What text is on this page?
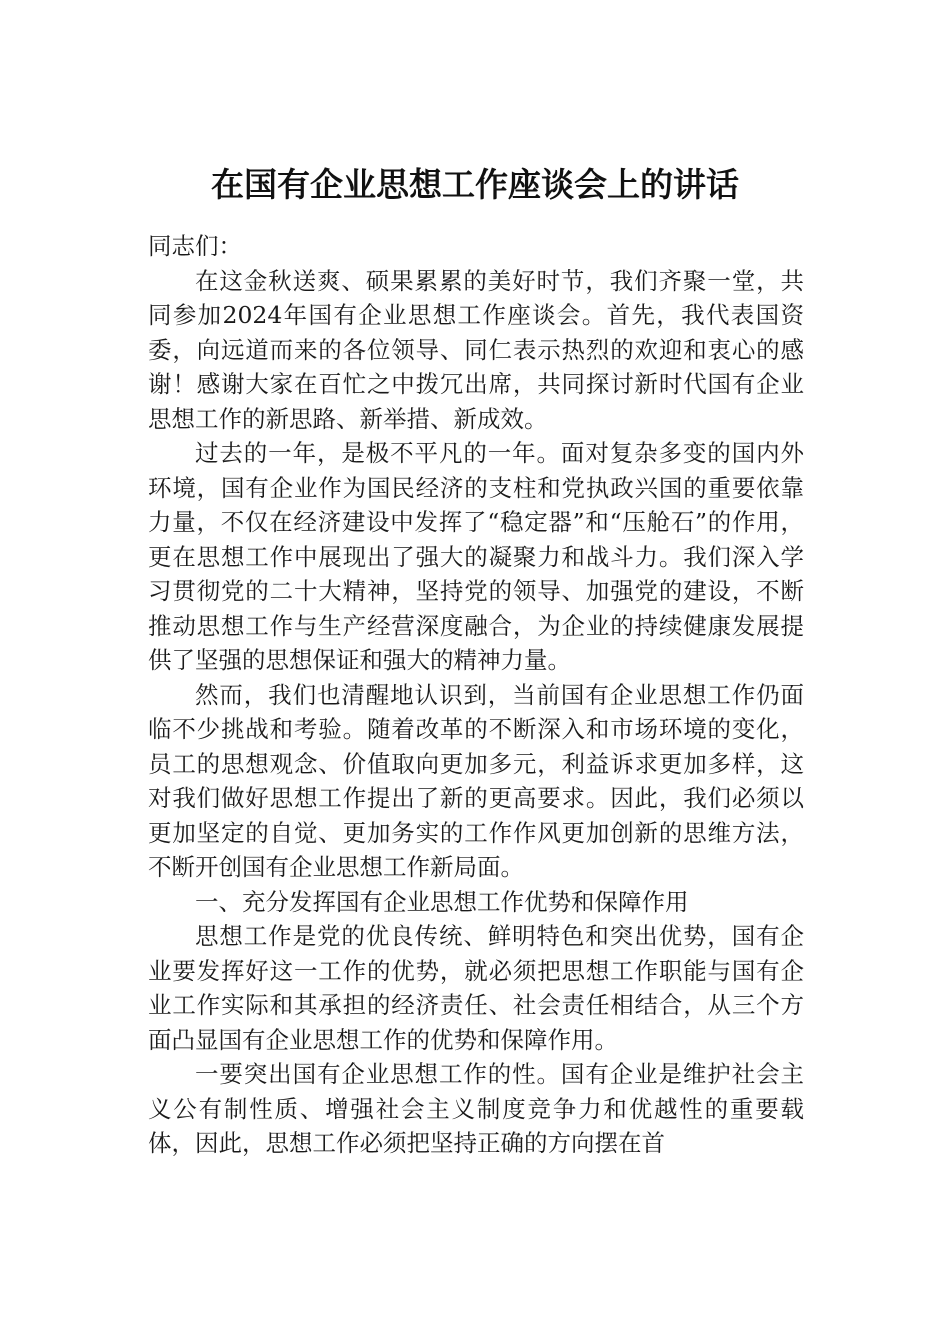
在国有企业思想工作座谈会上的讲话

同志们：

在这金秋送爽、硕果累累的美好时节，我们齐聚一堂，共同参加2024年国有企业思想工作座谈会。首先，我代表国资委，向远道而来的各位领导、同仁表示热烈的欢迎和衷心的感谢！感谢大家在百忙之中拨冗出席，共同探讨新时代国有企业思想工作的新思路、新举措、新成效。

过去的一年，是极不平凡的一年。面对复杂多变的国内外环境，国有企业作为国民经济的支柱和党执政兴国的重要依靠力量，不仅在经济建设中发挥了“稳定器”和“压舱石”的作用，更在思想工作中展现出了强大的凝聚力和战斗力。我们深入学习贯彻党的二十大精神，坚持党的领导、加强党的建设，不断推动思想工作与生产经营深度融合，为企业的持续健康发展提供了坚强的思想保证和强大的精神力量。

然而，我们也清醒地认识到，当前国有企业思想工作仍面临不少挑战和考验。随着改革的不断深入和市场环境的变化，员工的思想观念、价值取向更加多元，利益诉求更加多样，这对我们做好思想工作提出了新的更高要求。因此，我们必须以更加坚定的自觉、更加务实的工作作风更加创新的思维方法，不断开创国有企业思想工作新局面。

一、充分发挥国有企业思想工作优势和保障作用

思想工作是党的优良传统、鲜明特色和突出优势，国有企业要发挥好这一工作的优势，就必须把思想工作职能与国有企业工作实际和其承担的经济责任、社会责任相结合，从三个方面凸显国有企业思想工作的优势和保障作用。

一要突出国有企业思想工作的性。国有企业是维护社会主义公有制性质、增强社会主义制度竞争力和优越性的重要载体，因此，思想工作必须把坚持正确的方向摆在首
